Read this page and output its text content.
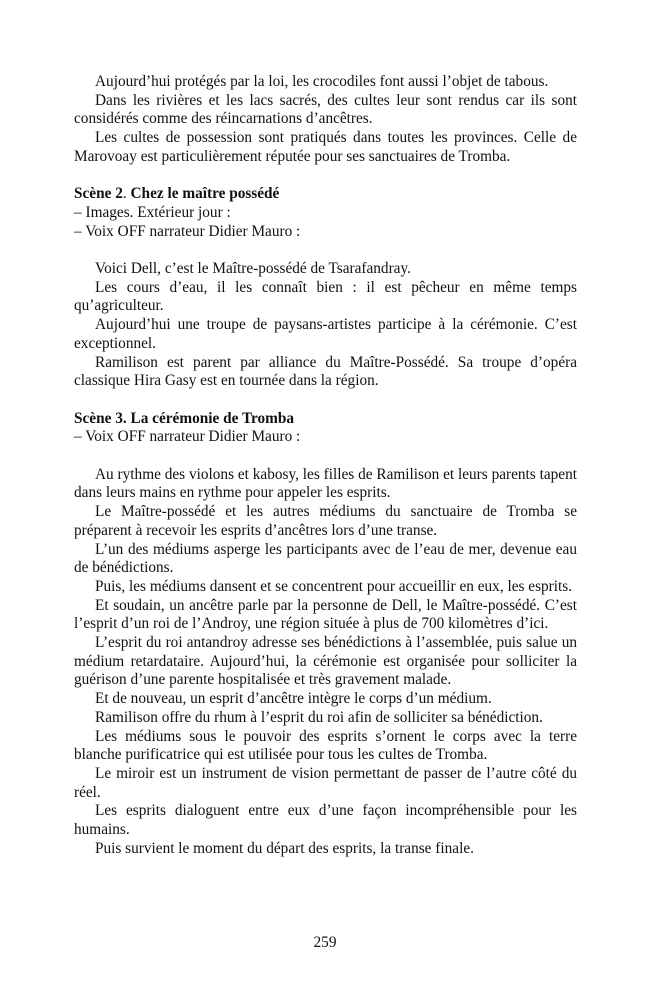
Aujourd’hui protégés par la loi, les crocodiles font aussi l’objet de tabous.

Dans les rivières et les lacs sacrés, des cultes leur sont rendus car ils sont considérés comme des réincarnations d’ancêtres.

Les cultes de possession sont pratiqués dans toutes les provinces. Celle de Marovoay est particulièrement réputée pour ses sanctuaires de Tromba.

Scène 2. Chez le maître possédé

– Images. Extérieur jour :

– Voix OFF narrateur Didier Mauro :

Voici Dell, c’est le Maître-possédé de Tsarafandray.

Les cours d’eau, il les connaît bien : il est pêcheur en même temps qu’agriculteur.

Aujourd’hui une troupe de paysans-artistes participe à la cérémonie. C’est exceptionnel.

Ramilison est parent par alliance du Maître-Possédé. Sa troupe d’opéra classique Hira Gasy est en tournée dans la région.

Scène 3. La cérémonie de Tromba

– Voix OFF narrateur Didier Mauro :

Au rythme des violons et kabosy, les filles de Ramilison et leurs parents tapent dans leurs mains en rythme pour appeler les esprits.

Le Maître-possédé et les autres médiums du sanctuaire de Tromba se préparent à recevoir les esprits d’ancêtres lors d’une transe.

L’un des médiums asperge les participants avec de l’eau de mer, devenue eau de bénédictions.

Puis, les médiums dansent et se concentrent pour accueillir en eux, les esprits.

Et soudain, un ancêtre parle par la personne de Dell, le Maître-possédé. C’est l’esprit d’un roi de l’Androy, une région située à plus de 700 kilomètres d’ici.

L’esprit du roi antandroy adresse ses bénédictions à l’assemblée, puis salue un médium retardataire. Aujourd’hui, la cérémonie est organisée pour solliciter la guérison d’une parente hospitalisée et très gravement malade.

Et de nouveau, un esprit d’ancêtre intègre le corps d’un médium.

Ramilison offre du rhum à l’esprit du roi afin de solliciter sa bénédiction.

Les médiums sous le pouvoir des esprits s’ornent le corps avec la terre blanche purificatrice qui est utilisée pour tous les cultes de Tromba.

Le miroir est un instrument de vision permettant de passer de l’autre côté du réel.

Les esprits dialoguent entre eux d’une façon incompréhensible pour les humains.

Puis survient le moment du départ des esprits, la transe finale.

259
